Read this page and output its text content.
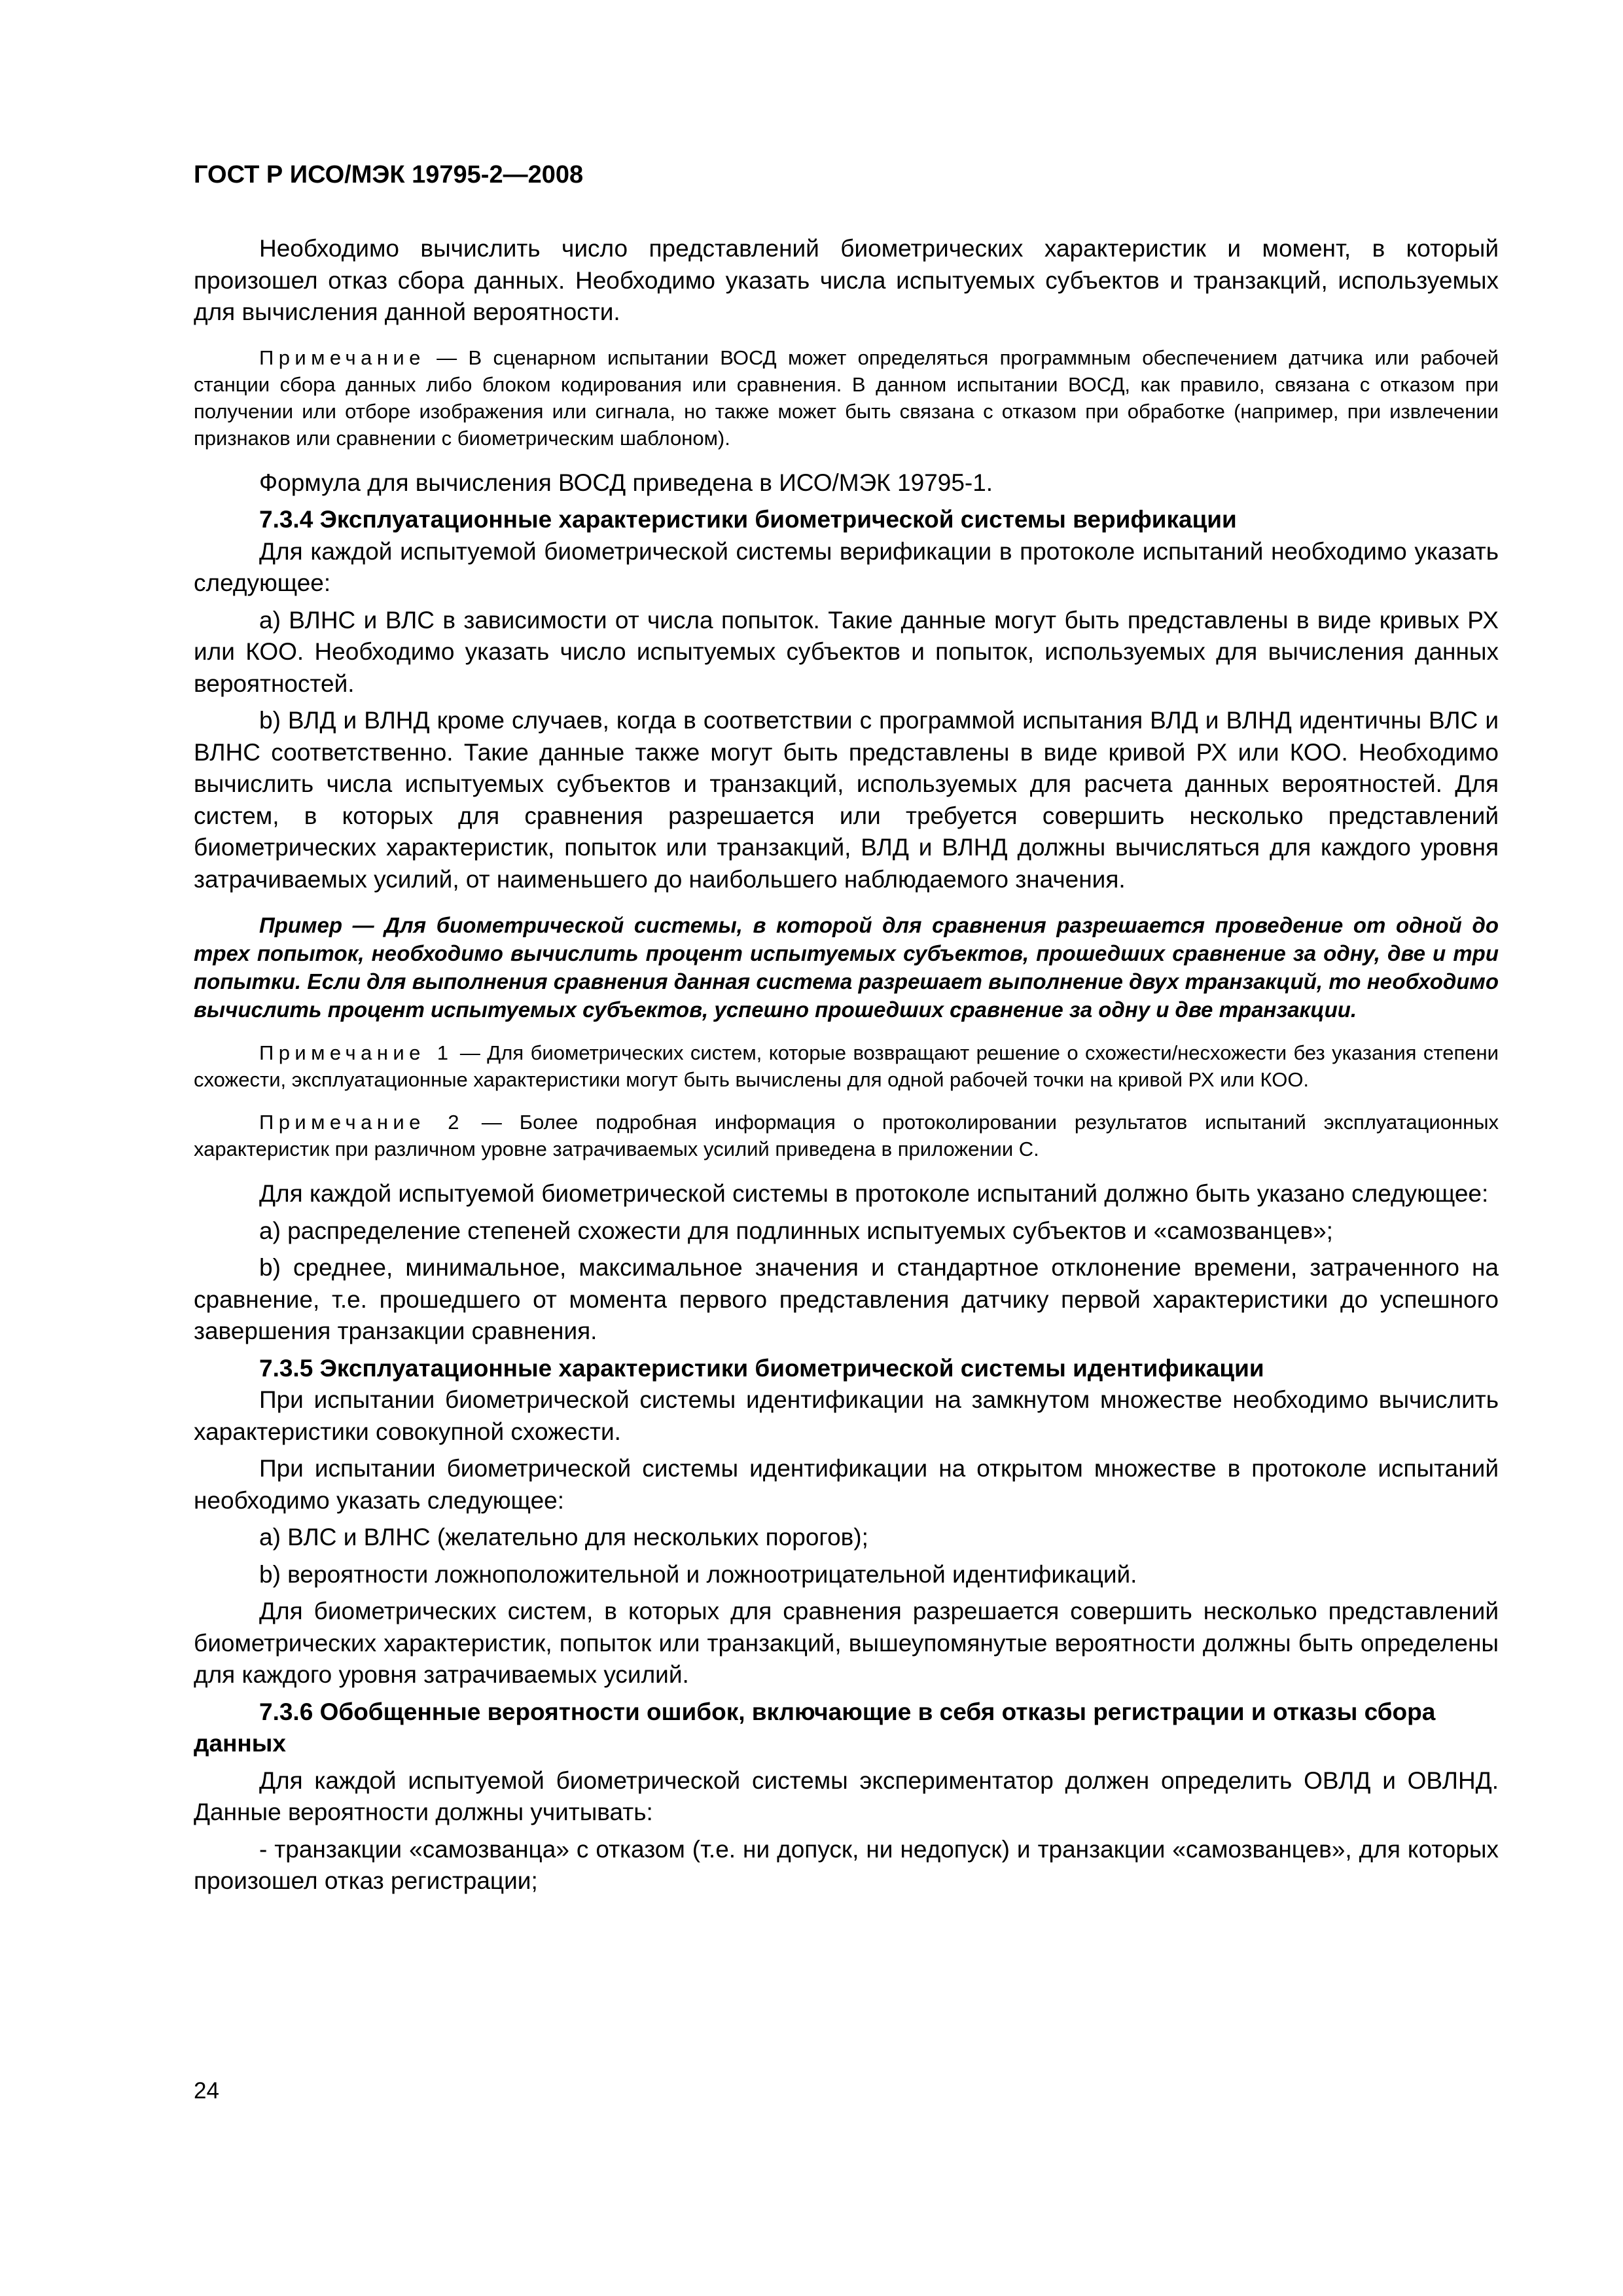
ГОСТ Р ИСО/МЭК 19795-2—2008

Необходимо вычислить число представлений биометрических характеристик и момент, в который произошел отказ сбора данных. Необходимо указать числа испытуемых субъектов и транзакций, используемых для вычисления данной вероятности.

Примечание — В сценарном испытании ВОСД может определяться программным обеспечением датчика или рабочей станции сбора данных либо блоком кодирования или сравнения. В данном испытании ВОСД, как правило, связана с отказом при получении или отборе изображения или сигнала, но также может быть связана с отказом при обработке (например, при извлечении признаков или сравнении с биометрическим шаблоном).

Формула для вычисления ВОСД приведена в ИСО/МЭК 19795-1.

7.3.4 Эксплуатационные характеристики биометрической системы верификации

Для каждой испытуемой биометрической системы верификации в протоколе испытаний необходимо указать следующее:

a) ВЛНС и ВЛС в зависимости от числа попыток. Такие данные могут быть представлены в виде кривых РХ или КОО. Необходимо указать число испытуемых субъектов и попыток, используемых для вычисления данных вероятностей.

b) ВЛД и ВЛНД кроме случаев, когда в соответствии с программой испытания ВЛД и ВЛНД идентичны ВЛС и ВЛНС соответственно. Такие данные также могут быть представлены в виде кривой РХ или КОО. Необходимо вычислить числа испытуемых субъектов и транзакций, используемых для расчета данных вероятностей. Для систем, в которых для сравнения разрешается или требуется совершить несколько представлений биометрических характеристик, попыток или транзакций, ВЛД и ВЛНД должны вычисляться для каждого уровня затрачиваемых усилий, от наименьшего до наибольшего наблюдаемого значения.

Пример — Для биометрической системы, в которой для сравнения разрешается проведение от одной до трех попыток, необходимо вычислить процент испытуемых субъектов, прошедших сравнение за одну, две и три попытки. Если для выполнения сравнения данная система разрешает выполнение двух транзакций, то необходимо вычислить процент испытуемых субъектов, успешно прошедших сравнение за одну и две транзакции.

Примечание 1 — Для биометрических систем, которые возвращают решение о схожести/несхожести без указания степени схожести, эксплуатационные характеристики могут быть вычислены для одной рабочей точки на кривой РХ или КОО.

Примечание 2 — Более подробная информация о протоколировании результатов испытаний эксплуатационных характеристик при различном уровне затрачиваемых усилий приведена в приложении С.

Для каждой испытуемой биометрической системы в протоколе испытаний должно быть указано следующее:

a) распределение степеней схожести для подлинных испытуемых субъектов и «самозванцев»;

b) среднее, минимальное, максимальное значения и стандартное отклонение времени, затраченного на сравнение, т.е. прошедшего от момента первого представления датчику первой характеристики до успешного завершения транзакции сравнения.

7.3.5 Эксплуатационные характеристики биометрической системы идентификации

При испытании биометрической системы идентификации на замкнутом множестве необходимо вычислить характеристики совокупной схожести.

При испытании биометрической системы идентификации на открытом множестве в протоколе испытаний необходимо указать следующее:

a) ВЛС и ВЛНС (желательно для нескольких порогов);

b) вероятности ложноположительной и ложноотрицательной идентификаций.

Для биометрических систем, в которых для сравнения разрешается совершить несколько представлений биометрических характеристик, попыток или транзакций, вышеупомянутые вероятности должны быть определены для каждого уровня затрачиваемых усилий.

7.3.6 Обобщенные вероятности ошибок, включающие в себя отказы регистрации и отказы сбора данных

Для каждой испытуемой биометрической системы экспериментатор должен определить ОВЛД и ОВЛНД. Данные вероятности должны учитывать:

- транзакции «самозванца» с отказом (т.е. ни допуск, ни недопуск) и транзакции «самозванцев», для которых произошел отказ регистрации;

24
